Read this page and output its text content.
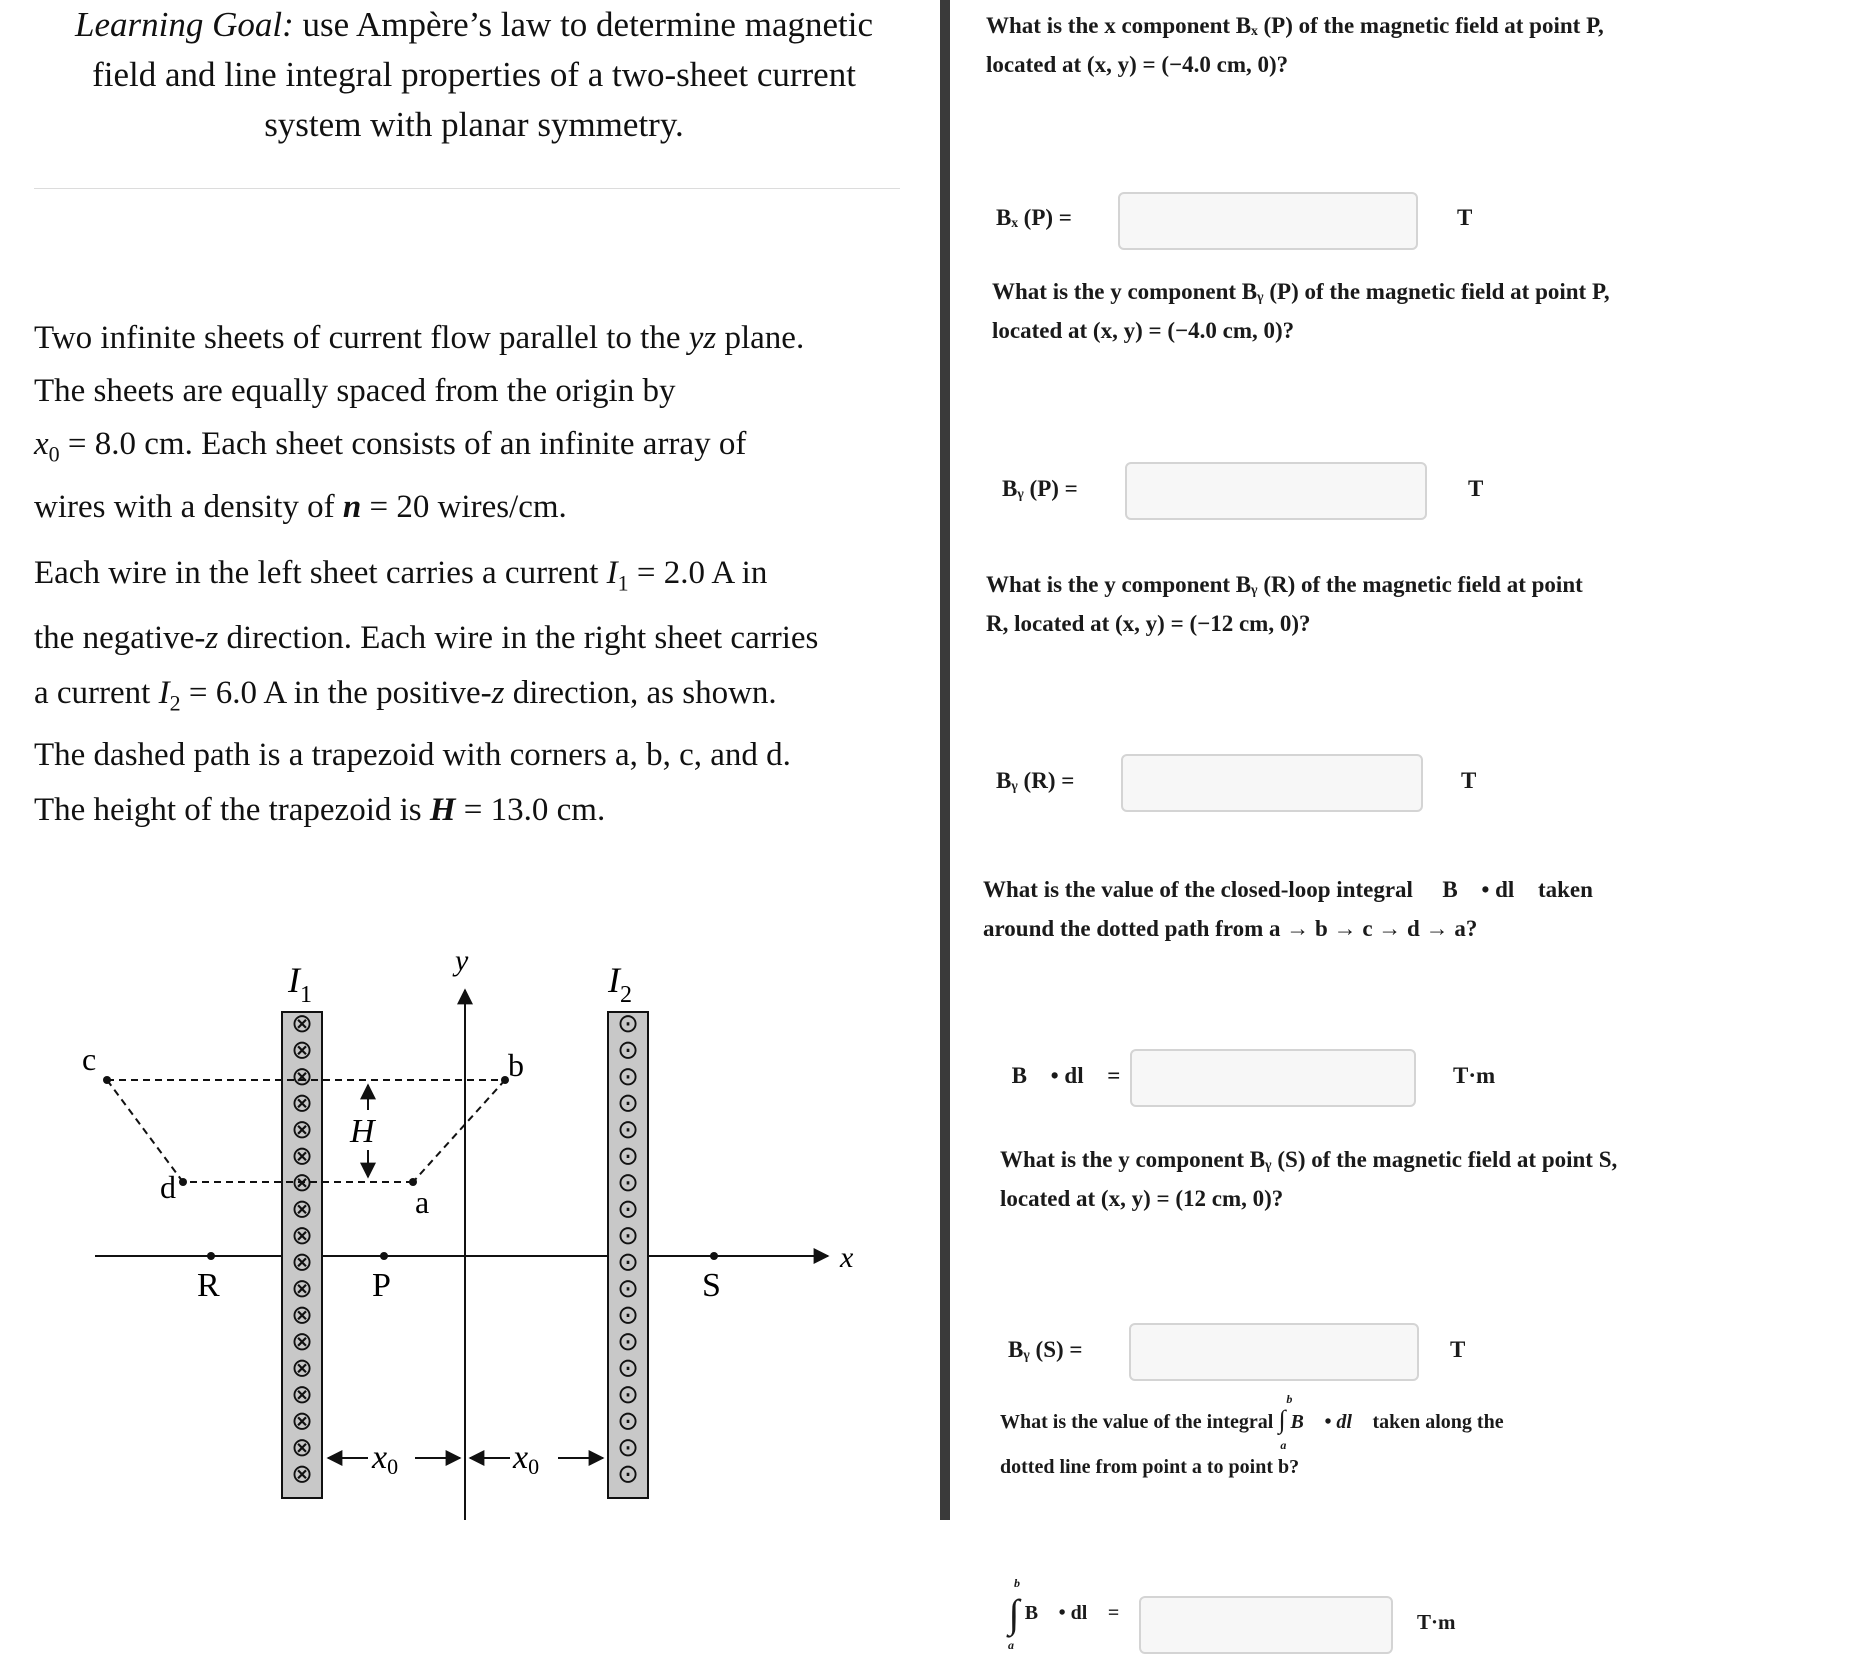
Learning Goal: use Ampère’s law to determine magnetic
field and line integral properties of a two-sheet current
system with planar symmetry.
Two infinite sheets of current flow parallel to the yz plane.
The sheets are equally spaced from the origin by
$x_0 = 8.0$ cm. Each sheet consists of an infinite array of
wires with a density of n = 20 wires/cm.
Each wire in the left sheet carries a current $I_1 = 2.0$ A in
the negative-z direction. Each wire in the right sheet carries
a current $I_2 = 6.0$ A in the positive-z direction, as shown.
The dashed path is a trapezoid with corners a, b, c, and d.
The height of the trapezoid is H = 13.0 cm.
x
y
⊗
⊗
⊗
⊗
⊗
⊗
⊗
⊗
⊗
⊗
⊗
⊗
⊗
⊗
⊗
⊗
⊗
⊗
$I_1$
⊙
⊙
⊙
⊙
⊙
⊙
⊙
⊙
⊙
⊙
⊙
⊙
⊙
⊙
⊙
⊙
⊙
⊙
$I_2$
b
a
c
d
H
R	P	S
x0	x0
What is the x component Bₓ (P) of the magnetic field at point P, located at (x, y) = (−4.0 cm, 0)?
Bₓ (P) =	T
What is the y component Bᵧ (P) of the magnetic field at point P, located at (x, y) = (−4.0 cm, 0)?
Bᵧ (P) =	T
What is the y component Bᵧ (R) of the magnetic field at point R, located at (x, y) = (−12 cm, 0)?
Bᵧ (R) =	T
What is the value of the closed-loop integral ∮ B⃗ • dl⃗ taken around the dotted path from a → b → c → d → a?
∮ B⃗ • dl⃗ =	T·m
What is the y component Bᵧ (S) of the magnetic field at point S, located at (x, y) = (12 cm, 0)?
Bᵧ (S) =	T
What is the value of the integral
b
∫
a
B⃗ • dl⃗ taken along the
dotted line from point a to point b?
b
∫
a
B⃗ • dl⃗ =	T·m
